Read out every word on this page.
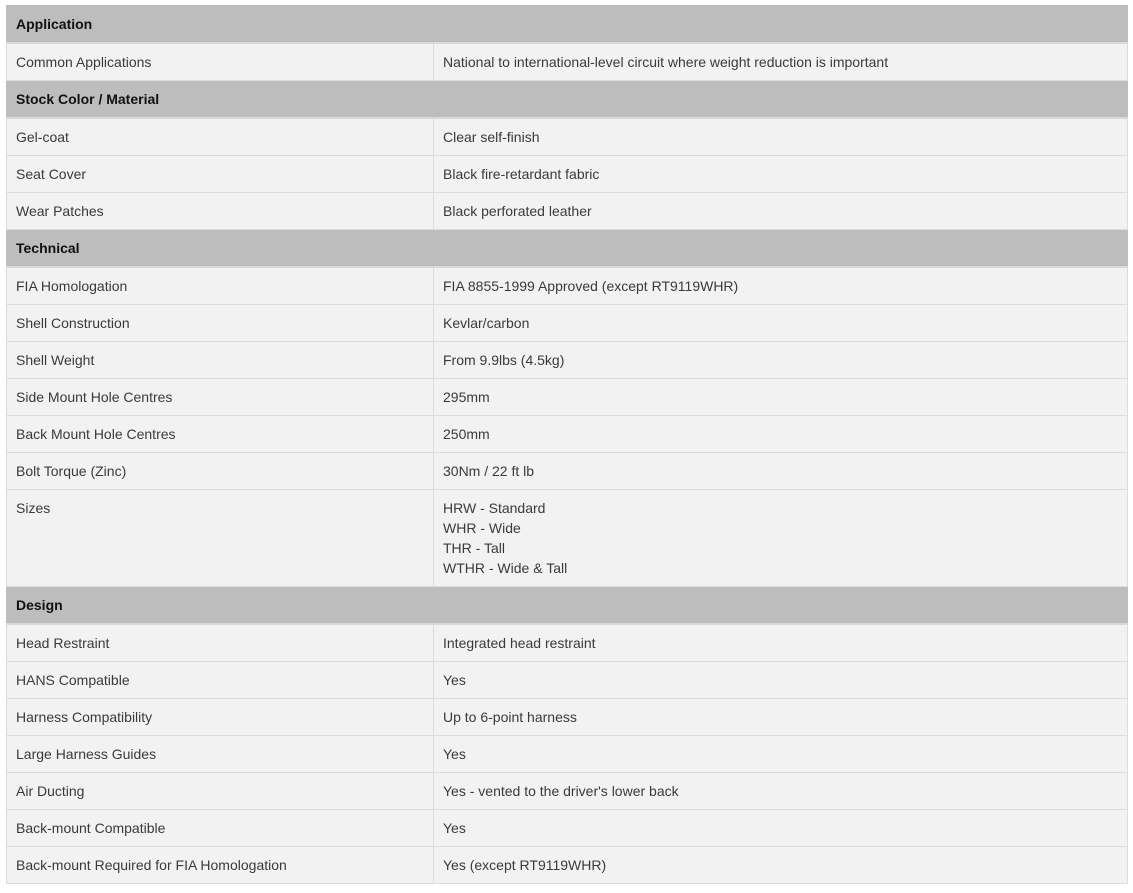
Application	
Common Applications	National to international-level circuit where weight reduction is important
Stock Color / Material	
Gel-coat	Clear self-finish
Seat Cover	Black fire-retardant fabric
Wear Patches	Black perforated leather
Technical	
FIA Homologation	FIA 8855-1999 Approved (except RT9119WHR)
Shell Construction	Kevlar/carbon
Shell Weight	From 9.9lbs (4.5kg)
Side Mount Hole Centres	295mm
Back Mount Hole Centres	250mm
Bolt Torque (Zinc)	30Nm / 22 ft lb
Sizes	HRW - Standard
WHR - Wide
THR - Tall
WTHR - Wide & Tall

Design	
Head Restraint	Integrated head restraint
HANS Compatible	Yes
Harness Compatibility	Up to 6-point harness
Large Harness Guides	Yes
Air Ducting	Yes - vented to the driver's lower back
Back-mount Compatible	Yes
Back-mount Required for FIA Homologation	Yes (except RT9119WHR)
